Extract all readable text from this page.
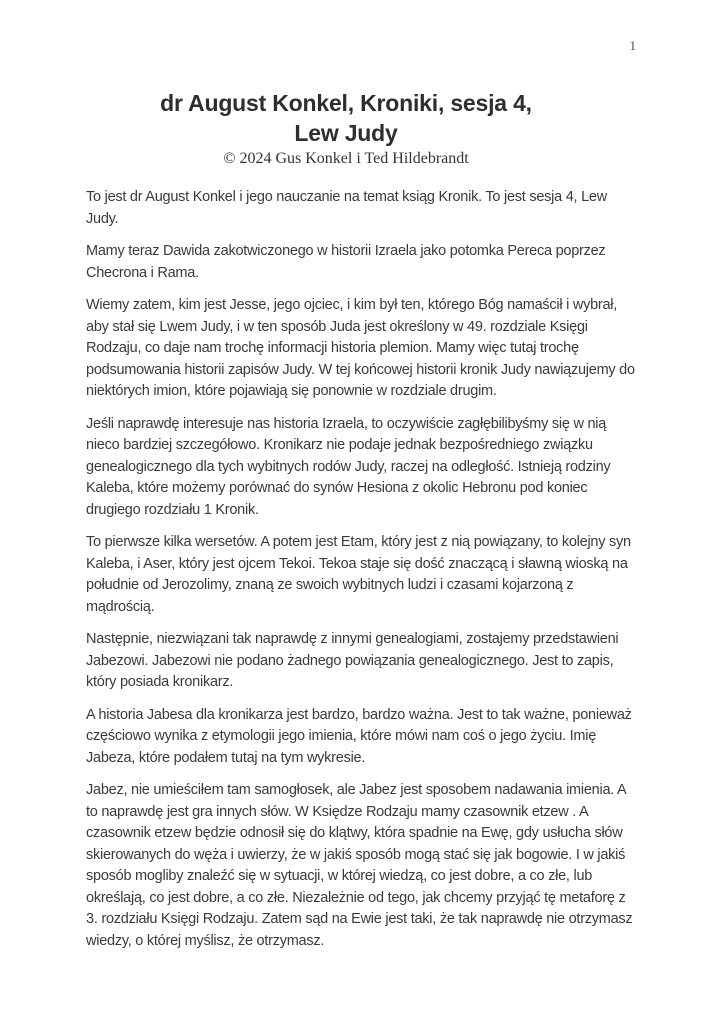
1
dr August Konkel, Kroniki, sesja 4,
Lew Judy
© 2024 Gus Konkel i Ted Hildebrandt

To jest dr August Konkel i jego nauczanie na temat ksiąg Kronik. To jest sesja 4, Lew Judy.

Mamy teraz Dawida zakotwiczonego w historii Izraela jako potomka Pereca poprzez Checrona i Rama.

Wiemy zatem, kim jest Jesse, jego ojciec, i kim był ten, którego Bóg namaścił i wybrał, aby stał się Lwem Judy, i w ten sposób Juda jest określony w 49. rozdziale Księgi Rodzaju, co daje nam trochę informacji historia plemion. Mamy więc tutaj trochę podsumowania historii zapisów Judy. W tej końcowej historii kronik Judy nawiązujemy do niektórych imion, które pojawiają się ponownie w rozdziale drugim.

Jeśli naprawdę interesuje nas historia Izraela, to oczywiście zagłębilibyśmy się w nią nieco bardziej szczegółowo. Kronikarz nie podaje jednak bezpośredniego związku genealogicznego dla tych wybitnych rodów Judy, raczej na odległość. Istnieją rodziny Kaleba, które możemy porównać do synów Hesiona z okolic Hebronu pod koniec drugiego rozdziału 1 Kronik.

To pierwsze kilka wersetów. A potem jest Etam, który jest z nią powiązany, to kolejny syn Kaleba, i Aser, który jest ojcem Tekoi. Tekoa staje się dość znaczącą i sławną wioską na południe od Jerozolimy, znaną ze swoich wybitnych ludzi i czasami kojarzoną z mądrością.

Następnie, niezwiązani tak naprawdę z innymi genealogiami, zostajemy przedstawieni Jabezowi. Jabezowi nie podano żadnego powiązania genealogicznego. Jest to zapis, który posiada kronikarz.

A historia Jabesa dla kronikarza jest bardzo, bardzo ważna. Jest to tak ważne, ponieważ częściowo wynika z etymologii jego imienia, które mówi nam coś o jego życiu. Imię Jabeza, które podałem tutaj na tym wykresie.

Jabez, nie umieściłem tam samogłosek, ale Jabez jest sposobem nadawania imienia. A to naprawdę jest gra innych słów. W Księdze Rodzaju mamy czasownik etzew . A czasownik etzew będzie odnosił się do klątwy, która spadnie na Ewę, gdy usłucha słów skierowanych do węża i uwierzy, że w jakiś sposób mogą stać się jak bogowie. I w jakiś sposób mogliby znaleźć się w sytuacji, w której wiedzą, co jest dobre, a co złe, lub określają, co jest dobre, a co złe. Niezależnie od tego, jak chcemy przyjąć tę metaforę z 3. rozdziału Księgi Rodzaju. Zatem sąd na Ewie jest taki, że tak naprawdę nie otrzymasz wiedzy, o której myślisz, że otrzymasz.
